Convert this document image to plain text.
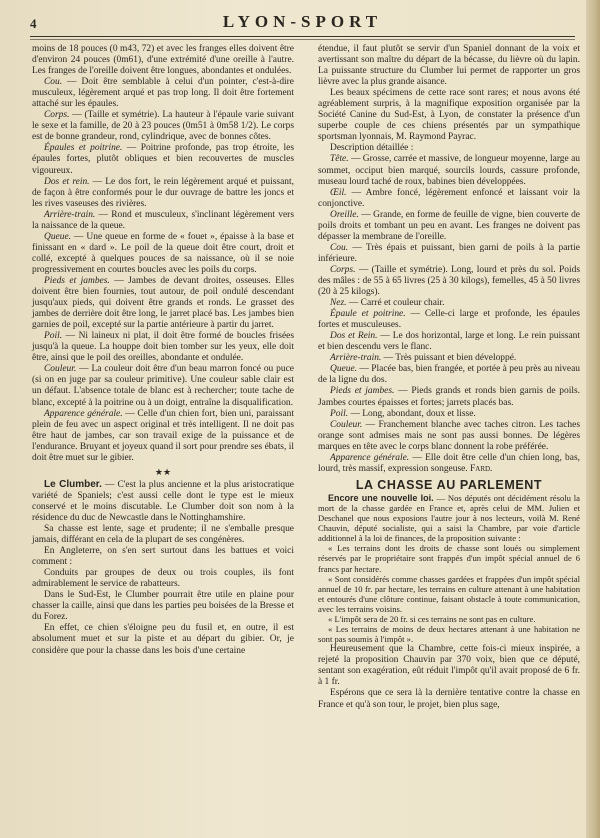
4	LYON-SPORT

moins de 18 pouces (0 m43, 72) et avec les franges elles doivent être d'environ 24 pouces (0m61), d'une extrémité d'une oreille à l'autre. Les franges de l'oreille doivent être longues, abondantes et ondulées.

Cou. — Doit être semblable à celui d'un pointer, c'est-à-dire musculeux, légèrement arqué et pas trop long. Il doit être fortement attaché sur les épaules.

Corps. — (Taille et symétrie). La hauteur à l'épaule varie suivant le sexe et la famille, de 20 à 23 pouces (0m51 à 0m58 1/2). Le corps est de bonne grandeur, rond, cylindrique, avec de bonnes côtes.

Épaules et poitrine. — Poitrine profonde, pas trop étroite, les épaules fortes, plutôt obliques et bien recouvertes de muscles vigoureux.

Dos et rein. — Le dos fort, le rein légèrement arqué et puissant, de façon à être conformés pour le dur ouvrage de battre les joncs et les rives vaseuses des rivières.

Arrière-train. — Rond et musculeux, s'inclinant légèrement vers la naissance de la queue.

Queue. — Une queue en forme de « fouet », épaisse à la base et finissant en « dard ». Le poil de la queue doit être court, droit et collé, excepté à quelques pouces de sa naissance, où il se noie progressivement en courtes boucles avec les poils du corps.

Pieds et jambes. — Jambes de devant droites, osseuses. Elles doivent être bien fournies, tout autour, de poil ondulé descendant jusqu'aux pieds, qui doivent être grands et ronds. Le grasset des jambes de derrière doit être long, le jarret placé bas. Les jambes bien garnies de poil, excepté sur la partie antérieure à partir du jarret.

Poil. — Ni laineux ni plat, il doit être formé de boucles frisées jusqu'à la queue. La houppe doit bien tomber sur les yeux, elle doit être, ainsi que le poil des oreilles, abondante et ondulée.

Couleur. — La couleur doit être d'un beau marron foncé ou puce (si on en juge par sa couleur primitive). Une couleur sable clair est un défaut. L'absence totale de blanc est à rechercher; toute tache de blanc, excepté à la poitrine ou à un doigt, entraîne la disqualification.

Apparence générale. — Celle d'un chien fort, bien uni, paraissant plein de feu avec un aspect original et très intelligent. Il ne doit pas être haut de jambes, car son travail exige de la puissance et de l'endurance. Bruyant et joyeux quand il sort pour prendre ses ébats, il doit être muet sur le gibier.

★★

Le Clumber. — C'est la plus ancienne et la plus aristocratique variété de Spaniels; c'est aussi celle dont le type est le mieux conservé et le moins discutable. Le Clumber doit son nom à la résidence du duc de Newcastle dans le Nottinghamshire.

Sa chasse est lente, sage et prudente; il ne s'emballe presque jamais, différant en cela de la plupart de ses congénères.

En Angleterre, on s'en sert surtout dans les battues et voici comment :

Conduits par groupes de deux ou trois couples, ils font admirablement le service de rabatteurs.

Dans le Sud-Est, le Clumber pourrait être utile en plaine pour chasser la caille, ainsi que dans les parties peu boisées de la Bresse et du Forez.

En effet, ce chien s'éloigne peu du fusil et, en outre, il est absolument muet et sur la piste et au départ du gibier. Or, je considère que pour la chasse dans les bois d'une certaine

étendue, il faut plutôt se servir d'un Spaniel donnant de la voix et avertissant son maître du départ de la bécasse, du lièvre où du lapin. La puissante structure du Clumber lui permet de rapporter un gros lièvre avec la plus grande aisance.

Les beaux spécimens de cette race sont rares; et nous avons été agréablement surpris, à la magnifique exposition organisée par la Société Canine du Sud-Est, à Lyon, de constater la présence d'un superbe couple de ces chiens présentés par un sympathique sportsman lyonnais, M. Raymond Payrac.

Description détaillée :

Tête. — Grosse, carrée et massive, de longueur moyenne, large au sommet, occiput bien marqué, sourcils lourds, cassure profonde, museau lourd taché de roux, babines bien développées.

Œil. — Ambre foncé, légèrement enfoncé et laissant voir la conjonctive.

Oreille. — Grande, en forme de feuille de vigne, bien couverte de poils droits et tombant un peu en avant. Les franges ne doivent pas dépasser la membrane de l'oreille.

Cou. — Très épais et puissant, bien garni de poils à la partie inférieure.

Corps. — (Taille et symétrie). Long, lourd et près du sol. Poids des mâles : de 55 à 65 livres (25 à 30 kilogs), femelles, 45 à 50 livres (20 à 25 kilogs).

Nez. — Carré et couleur chair.

Épaule et poitrine. — Celle-ci large et profonde, les épaules fortes et musculeuses.

Dos et Rein. — Le dos horizontal, large et long. Le rein puissant et bien descendu vers le flanc.

Arrière-train. — Très puissant et bien développé.

Queue. — Placée bas, bien frangée, et portée à peu près au niveau de la ligne du dos.

Pieds et jambes. — Pieds grands et ronds bien garnis de poils. Jambes courtes épaisses et fortes; jarrets placés bas.

Poil. — Long, abondant, doux et lisse.

Couleur. — Franchement blanche avec taches citron. Les taches orange sont admises mais ne sont pas aussi bonnes. De légères marques en tête avec le corps blanc donnent la robe préférée.

Apparence générale. — Elle doit être celle d'un chien long, bas, lourd, très massif, expression songeuse. Fard.

LA CHASSE AU PARLEMENT

Encore une nouvelle loi. — Nos députés ont décidément résolu la mort de la chasse gardée en France et, après celui de MM. Julien et Deschanel que nous exposions l'autre jour à nos lecteurs, voilà M. René Chauvin, député socialiste, qui a saisi la Chambre, par voie d'article additionnel à la loi de finances, de la proposition suivante :

« Les terrains dont les droits de chasse sont loués ou simplement réservés par le propriétaire sont frappés d'un impôt spécial annuel de 6 francs par hectare.

« Sont considérés comme chasses gardées et frappées d'un impôt spécial annuel de 10 fr. par hectare, les terrains en culture attenant à une habitation et entourés d'une clôture continue, faisant obstacle à toute communication, avec les terrains voisins.

« L'impôt sera de 20 fr. si ces terrains ne sont pas en culture.

« Les terrains de moins de deux hectares attenant à une habitation ne sont pas soumis à l'impôt ».

Heureusement que la Chambre, cette fois-ci mieux inspirée, a rejeté la proposition Chauvin par 370 voix, bien que ce député, sentant son exagération, eût réduit l'impôt qu'il avait proposé de 6 fr. à 1 fr.

Espérons que ce sera là la dernière tentative contre la chasse en France et qu'à son tour, le projet, bien plus sage,
